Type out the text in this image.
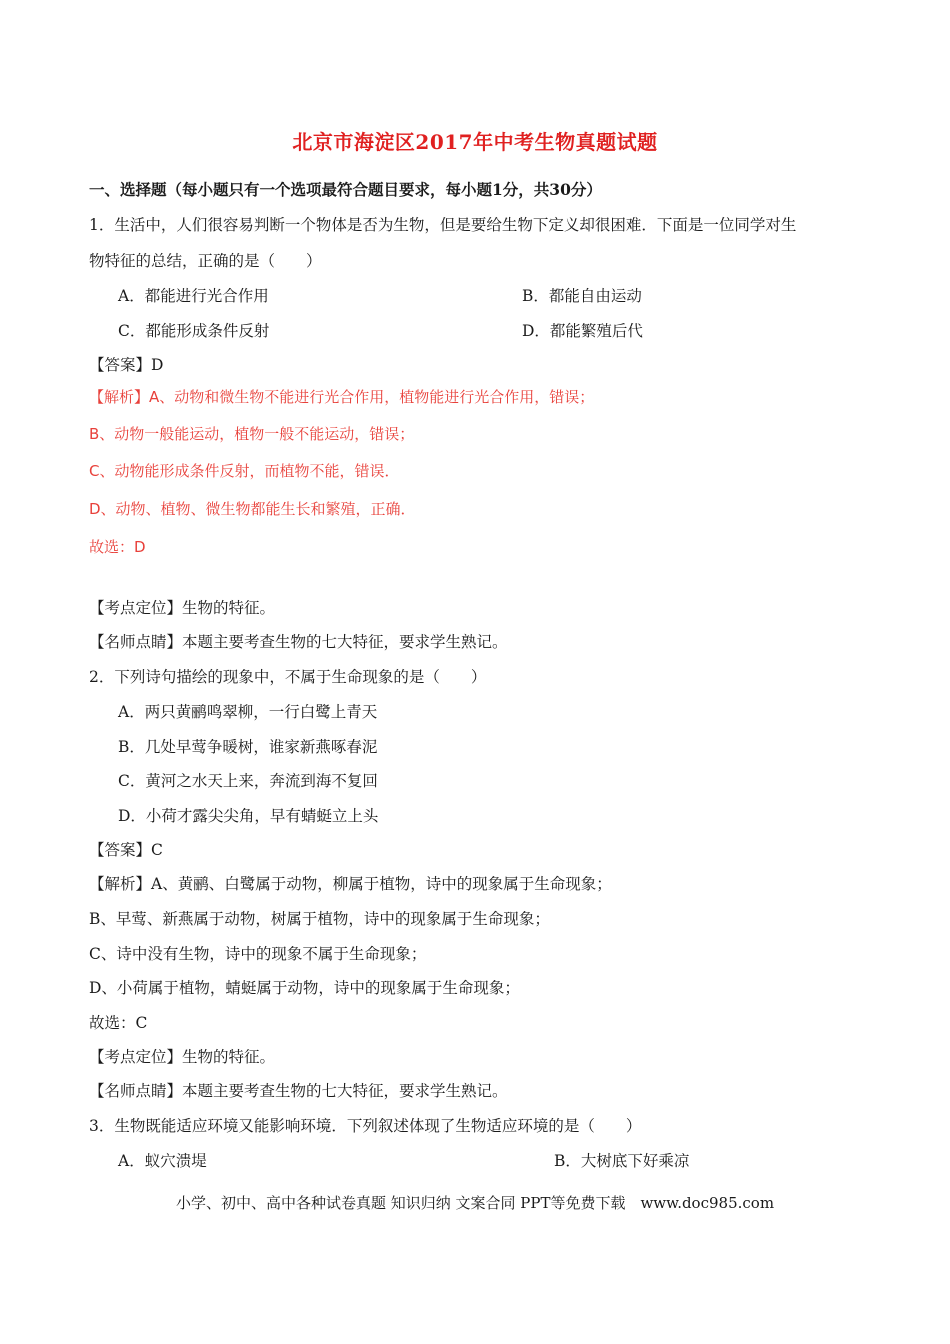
北京市海淀区2017年中考生物真题试题
一、选择题（每小题只有一个选项最符合题目要求，每小题1分，共30分）
1．生活中，人们很容易判断一个物体是否为生物，但是要给生物下定义却很困难．下面是一位同学对生
物特征的总结，正确的是（　　）
A．都能进行光合作用	B．都能自由运动
C．都能形成条件反射	D．都能繁殖后代
【答案】D
【解析】A、动物和微生物不能进行光合作用，植物能进行光合作用，错误；
B、动物一般能运动，植物一般不能运动，错误；
C、动物能形成条件反射，而植物不能，错误．
D、动物、植物、微生物都能生长和繁殖，正确．
故选：D
【考点定位】生物的特征。
【名师点睛】本题主要考查生物的七大特征，要求学生熟记。
2．下列诗句描绘的现象中，不属于生命现象的是（　　）
A．两只黄鹂鸣翠柳，一行白鹭上青天
B．几处早莺争暖树，谁家新燕啄春泥
C．黄河之水天上来，奔流到海不复回
D．小荷才露尖尖角，早有蜻蜓立上头
【答案】C
【解析】A、黄鹂、白鹭属于动物，柳属于植物，诗中的现象属于生命现象；
B、早莺、新燕属于动物，树属于植物，诗中的现象属于生命现象；
C、诗中没有生物，诗中的现象不属于生命现象；
D、小荷属于植物，蜻蜓属于动物，诗中的现象属于生命现象；
故选：C
【考点定位】生物的特征。
【名师点睛】本题主要考查生物的七大特征，要求学生熟记。
3．生物既能适应环境又能影响环境．下列叙述体现了生物适应环境的是（　　）
A．蚁穴溃堤	B．大树底下好乘凉
小学、初中、高中各种试卷真题 知识归纳 文案合同 PPT等免费下载　www.doc985.com
